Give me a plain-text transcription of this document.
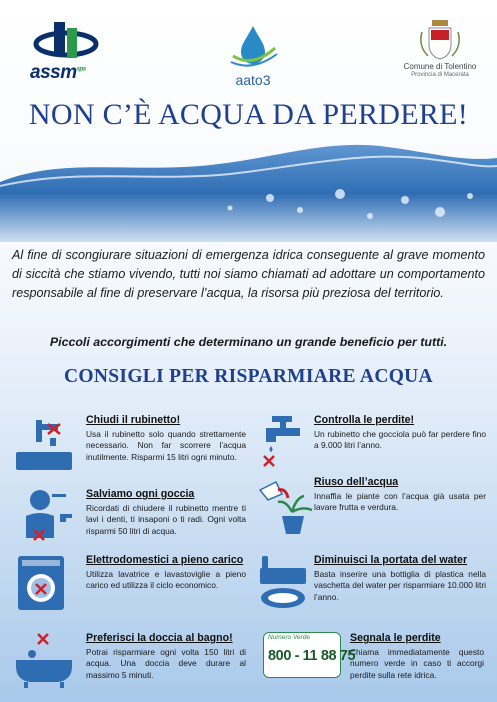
assm$^{spa}$
aato3
Comune di Tolentino
Provincia di Macerata
NON C’È ACQUA DA PERDERE!
Al fine di scongiurare situazioni di emergenza idrica conseguente al grave momento di siccità che stiamo vivendo, tutti noi siamo chiamati ad adottare un comportamento responsabile al fine di preservare l’acqua, la risorsa più preziosa del territorio.
Piccoli accorgimenti che determinano un grande beneficio per tutti.
CONSIGLI PER RISPARMIARE ACQUA
Chiudi il rubinetto!
Usa il rubinetto solo quando strettamente necessario. Non far scorrere l’acqua inutilmente. Risparmi 15 litri ogni minuto.
Controlla le perdite!
Un rubinetto che gocciola può far perdere fino a 9.000 litri l’anno.
Salviamo ogni goccia
Ricordati di chiudere il rubinetto mentre ti lavi i denti, ti insaponi o ti radi. Ogni volta risparmi 50 litri di acqua.
Riuso dell’acqua
Innaffia le piante con l’acqua già usata per lavare frutta e verdura.
Elettrodomestici a pieno carico
Utilizza lavatrice e lavastoviglie a pieno carico ed utilizza il ciclo economico.
Diminuisci la portata del water
Basta inserire una bottiglia di plastica nella vaschetta del water per risparmiare 10.000 litri l’anno.
Preferisci la doccia al bagno!
Potrai risparmiare ogni volta 150 litri di acqua. Una doccia deve durare al massimo 5 minuti.
Segnala le perdite
Chiama immediatamente questo numero verde in caso ti accorgi perdite sulla rete idrica.
Numero Verde
800 - 11 88 75
